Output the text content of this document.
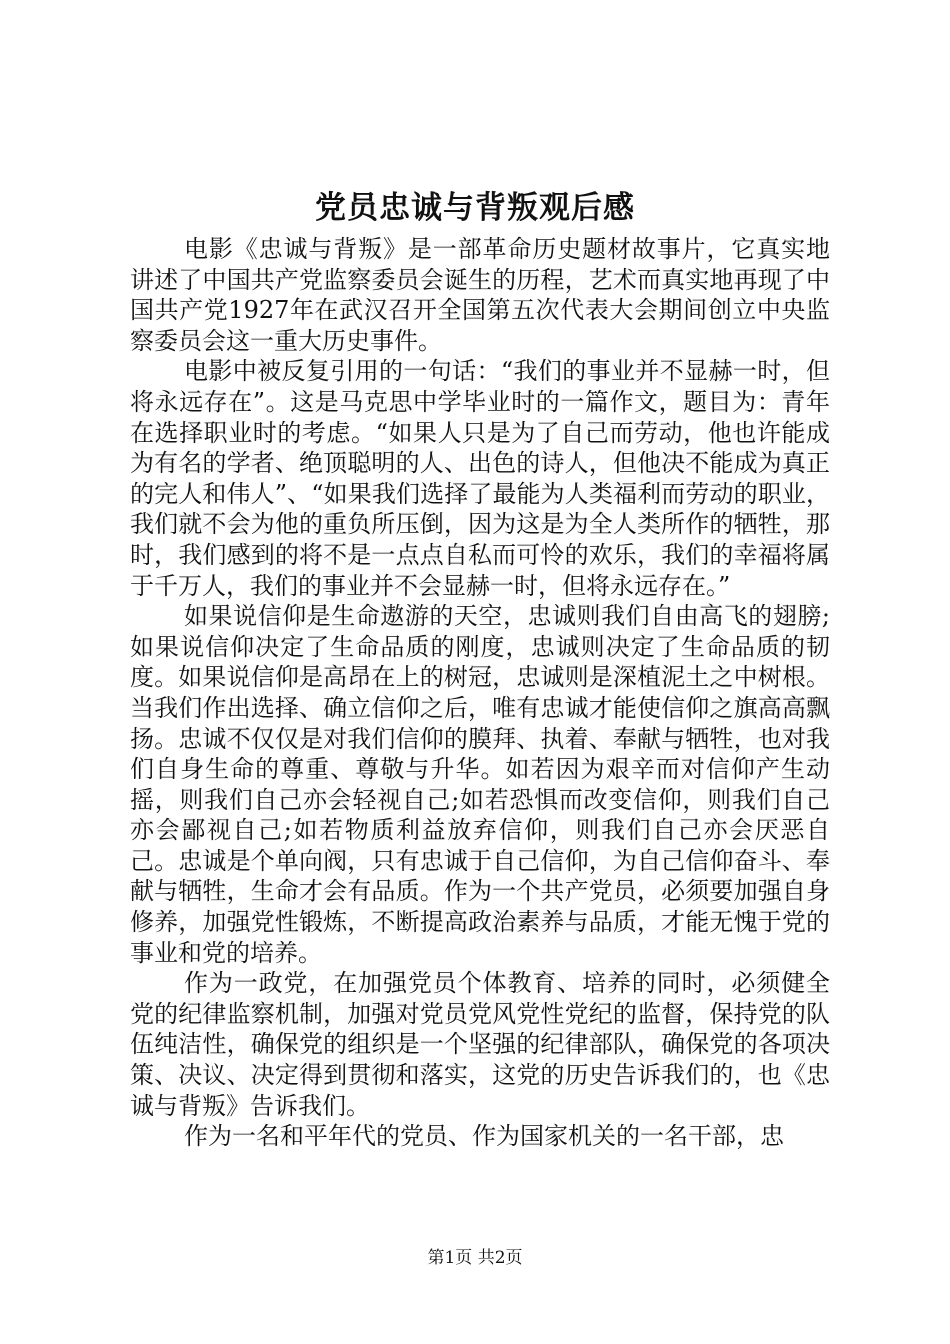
党员忠诚与背叛观后感

电影《忠诚与背叛》是一部革命历史题材故事片，它真实地讲述了中国共产党监察委员会诞生的历程，艺术而真实地再现了中国共产党1927年在武汉召开全国第五次代表大会期间创立中央监察委员会这一重大历史事件。

电影中被反复引用的一句话：“我们的事业并不显赫一时，但将永远存在”。这是马克思中学毕业时的一篇作文，题目为：青年在选择职业时的考虑。“如果人只是为了自己而劳动，他也许能成为有名的学者、绝顶聪明的人、出色的诗人，但他决不能成为真正的完人和伟人”、“如果我们选择了最能为人类福利而劳动的职业，我们就不会为他的重负所压倒，因为这是为全人类所作的牺牲，那时，我们感到的将不是一点点自私而可怜的欢乐，我们的幸福将属于千万人，我们的事业并不会显赫一时，但将永远存在。”

如果说信仰是生命遨游的天空，忠诚则我们自由高飞的翅膀;如果说信仰决定了生命品质的刚度，忠诚则决定了生命品质的韧度。如果说信仰是高昂在上的树冠，忠诚则是深植泥土之中树根。当我们作出选择、确立信仰之后，唯有忠诚才能使信仰之旗高高飘扬。忠诚不仅仅是对我们信仰的膜拜、执着、奉献与牺牲，也对我们自身生命的尊重、尊敬与升华。如若因为艰辛而对信仰产生动摇，则我们自己亦会轻视自己;如若恐惧而改变信仰，则我们自己亦会鄙视自己;如若物质利益放弃信仰，则我们自己亦会厌恶自己。忠诚是个单向阀，只有忠诚于自己信仰，为自己信仰奋斗、奉献与牺牲，生命才会有品质。作为一个共产党员，必须要加强自身修养，加强党性锻炼，不断提高政治素养与品质，才能无愧于党的事业和党的培养。

作为一政党，在加强党员个体教育、培养的同时，必须健全党的纪律监察机制，加强对党员党风党性党纪的监督，保持党的队伍纯洁性，确保党的组织是一个坚强的纪律部队，确保党的各项决策、决议、决定得到贯彻和落实，这党的历史告诉我们的，也《忠诚与背叛》告诉我们。

作为一名和平年代的党员、作为国家机关的一名干部，忠

第1页 共2页
